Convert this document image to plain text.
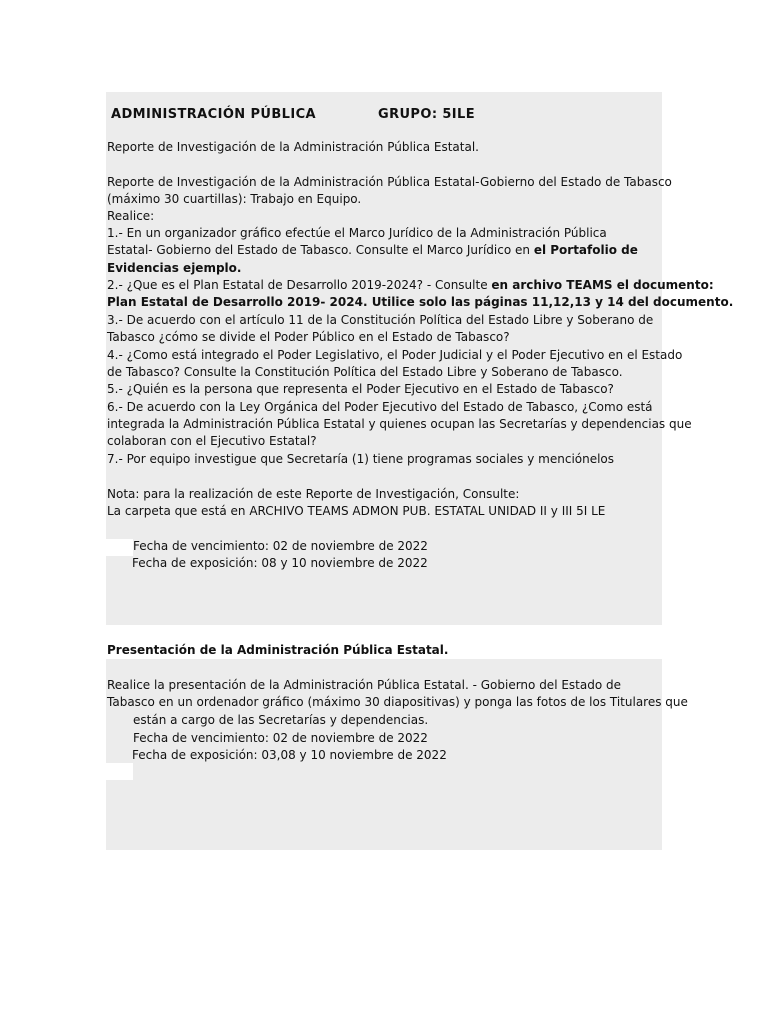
ADMINISTRACIÓN PÚBLICA	GRUPO: 5ILE
Reporte de Investigación de la Administración Pública Estatal.
Reporte de Investigación de la Administración Pública Estatal-Gobierno del Estado de Tabasco
(máximo 30 cuartillas): Trabajo en Equipo.
Realice:
1.- En un organizador gráfico efectúe el Marco Jurídico de la Administración Pública
Estatal- Gobierno del Estado de Tabasco. Consulte el Marco Jurídico en el Portafolio de
Evidencias ejemplo.
2.- ¿Que es el Plan Estatal de Desarrollo 2019-2024? - Consulte en archivo TEAMS el documento:
Plan Estatal de Desarrollo 2019- 2024. Utilice solo las páginas 11,12,13 y 14 del documento.
3.- De acuerdo con el artículo 11 de la Constitución Política del Estado Libre y Soberano de
Tabasco ¿cómo se divide el Poder Público en el Estado de Tabasco?
4.- ¿Como está integrado el Poder Legislativo, el Poder Judicial y el Poder Ejecutivo en el Estado
de Tabasco? Consulte la Constitución Política del Estado Libre y Soberano de Tabasco.
5.- ¿Quién es la persona que representa el Poder Ejecutivo en el Estado de Tabasco?
6.- De acuerdo con la Ley Orgánica del Poder Ejecutivo del Estado de Tabasco, ¿Como está
integrada la Administración Pública Estatal y quienes ocupan las Secretarías y dependencias que
colaboran con el Ejecutivo Estatal?
7.- Por equipo investigue que Secretaría (1) tiene programas sociales y menciónelos
Nota: para la realización de este Reporte de Investigación, Consulte:
La carpeta que está en ARCHIVO TEAMS ADMON PUB. ESTATAL UNIDAD II y III 5I LE
Fecha de vencimiento: 02 de noviembre de 2022
Fecha de exposición: 08 y 10 noviembre de 2022
Presentación de la Administración Pública Estatal.
Realice la presentación de la Administración Pública Estatal. - Gobierno del Estado de
Tabasco en un ordenador gráfico (máximo 30 diapositivas) y ponga las fotos de los Titulares que
están a cargo de las Secretarías y dependencias.
Fecha de vencimiento: 02 de noviembre de 2022
Fecha de exposición: 03,08 y 10 noviembre de 2022
